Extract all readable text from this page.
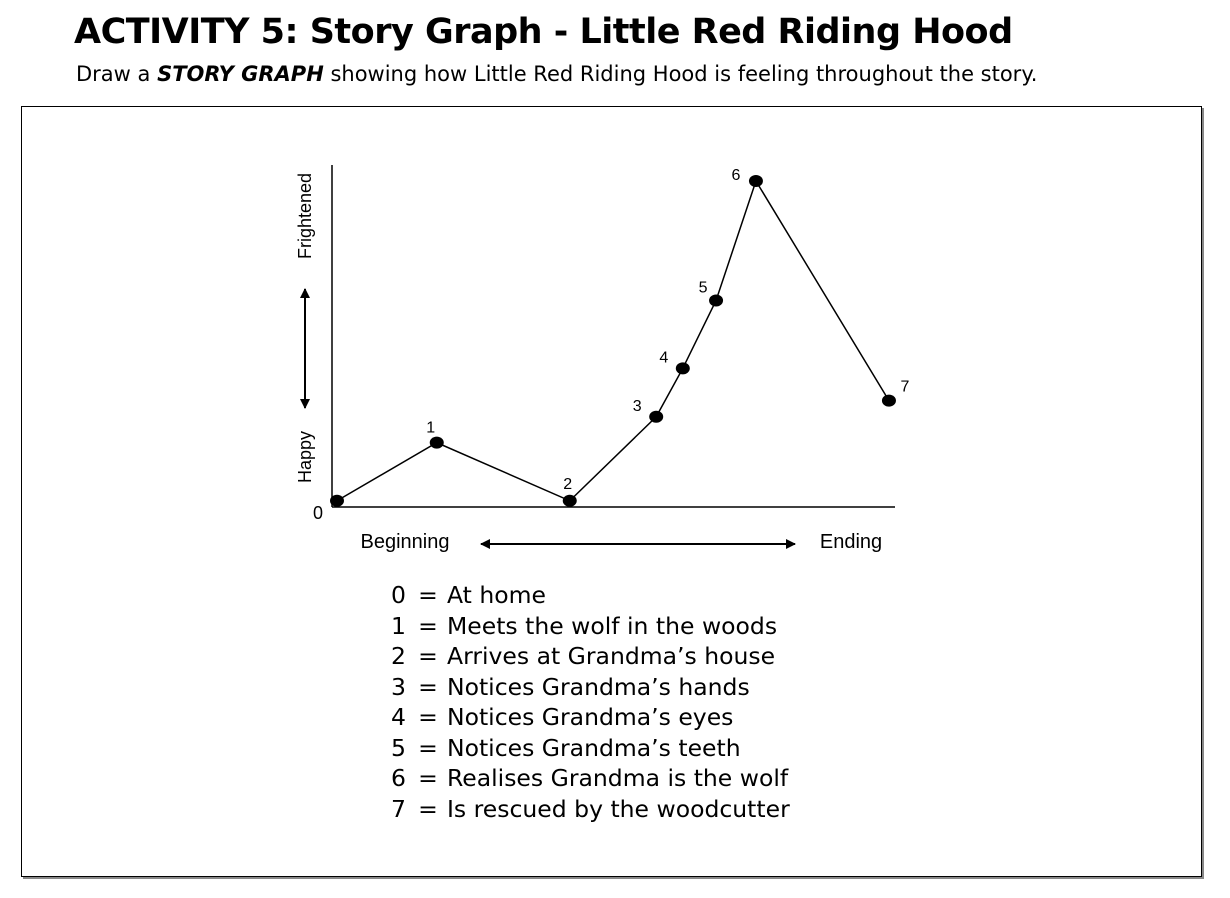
ACTIVITY 5: Story Graph - Little Red Riding Hood

Draw a STORY GRAPH showing how Little Red Riding Hood is feeling throughout the story.

0
Frightened
Happy
Beginning	Ending
1
2
3
4
5
6
7
0 = At home
1 = Meets the wolf in the woods
2 = Arrives at Grandma’s house
3 = Notices Grandma’s hands
4 = Notices Grandma’s eyes
5 = Notices Grandma’s teeth
6 = Realises Grandma is the wolf
7 = Is rescued by the woodcutter
